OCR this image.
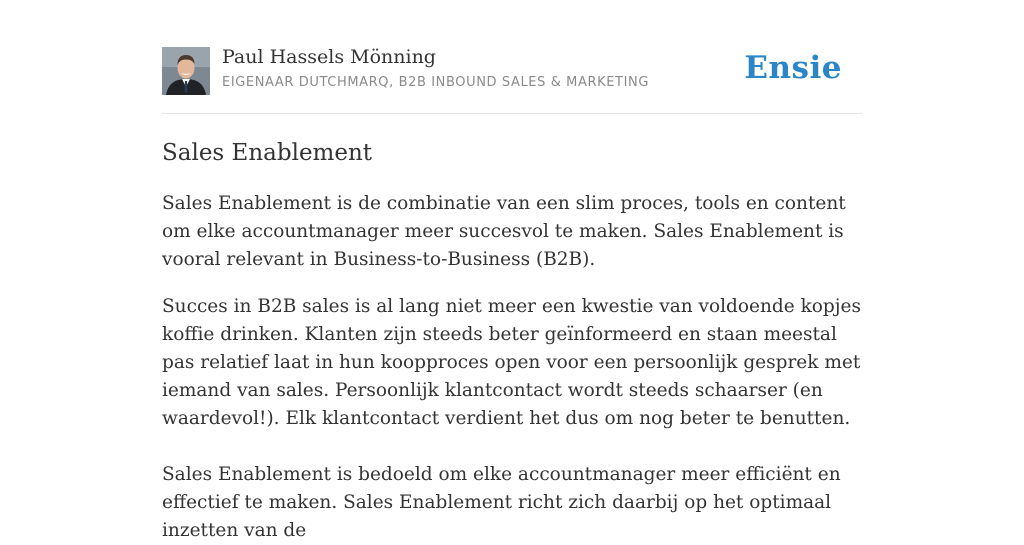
Paul Hassels Mönning
EIGENAAR DUTCHMARQ, B2B INBOUND SALES & MARKETING	Ensie
Sales Enablement

Sales Enablement is de combinatie van een slim proces, tools en content om elke accountmanager meer succesvol te maken. Sales Enablement is vooral relevant in Business-to-Business (B2B).

Succes in B2B sales is al lang niet meer een kwestie van voldoende kopjes koffie drinken. Klanten zijn steeds beter geïnformeerd en staan meestal pas relatief laat in hun koopproces open voor een persoonlijk gesprek met iemand van sales. Persoonlijk klantcontact wordt steeds schaarser (en waardevol!). Elk klantcontact verdient het dus om nog beter te benutten.

Sales Enablement is bedoeld om elke accountmanager meer efficiënt en effectief te maken. Sales Enablement richt zich daarbij op het optimaal inzetten van de
